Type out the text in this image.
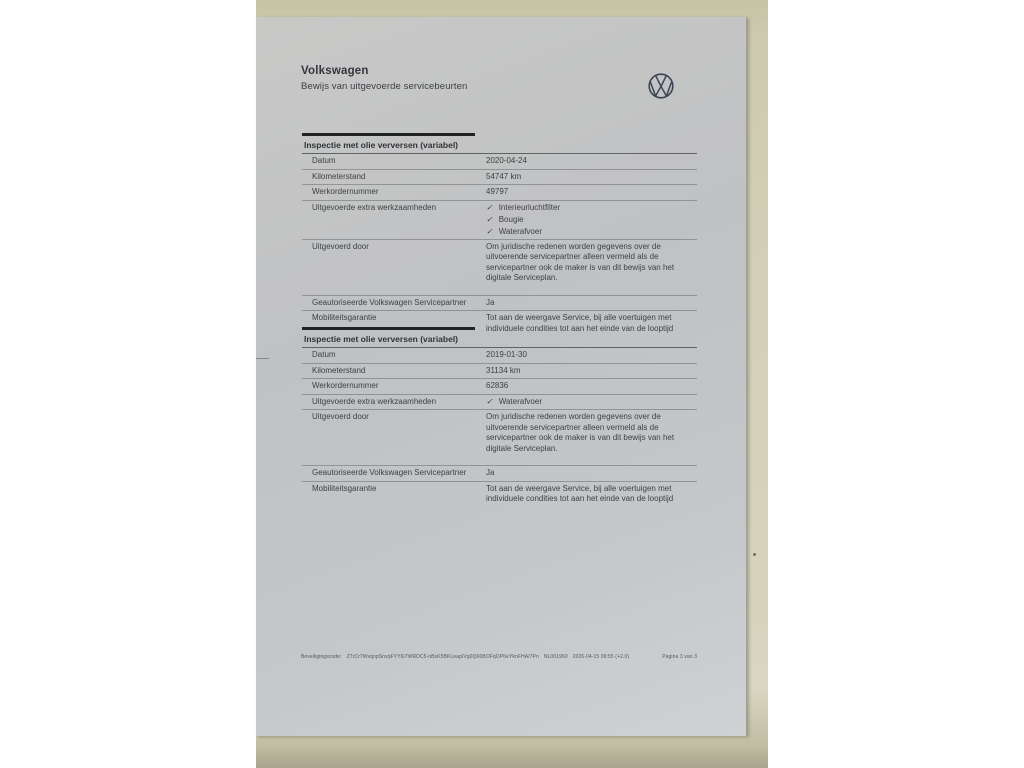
Volkswagen
Bewijs van uitgevoerde servicebeurten
Inspectie met olie verversen (variabel)
Datum	2020-04-24
Kilometerstand	54747 km
Werkordernummer	49797
Uitgevoerde extra werkzaamheden	✓ Interieurluchtfilter
✓ Bougie
✓ Waterafvoer
Uitgevoerd door	Om juridische redenen worden gegevens over de uitvoerende servicepartner alleen vermeld als de servicepartner ook de maker is van dit bewijs van het digitale Serviceplan.
Geautoriseerde Volkswagen Servicepartner	Ja
Mobiliteitsgarantie	Tot aan de weergave Service, bij alle voertuigen met individuele condities tot aan het einde van de looptijd
Inspectie met olie verversen (variabel)
Datum	2019-01-30
Kilometerstand	31134 km
Werkordernummer	62836
Uitgevoerde extra werkzaamheden	✓ Waterafvoer
Uitgevoerd door	Om juridische redenen worden gegevens over de uitvoerende servicepartner alleen vermeld als de servicepartner ook de maker is van dit bewijs van het digitale Serviceplan.
Geautoriseerde Volkswagen Servicepartner	Ja
Mobiliteitsgarantie	Tot aan de weergave Service, bij alle voertuigen met individuele condities tot aan het einde van de looptijd
Beveiligingscode: Z7rCr7WvqnpSnxqFYY6i7WRDC5-nBsK5BKLeapIVg0Q66BOFqOP6eYknFHA/7Pn NL001960 2026-04-15 09:55 (+2.0)	Pagina 3 van 3
